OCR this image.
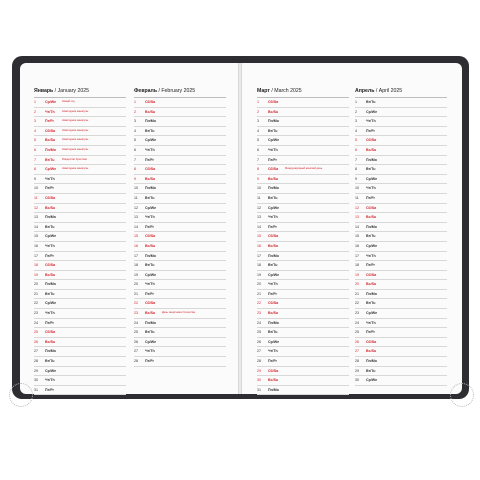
Январь / January 2025
1	Ср/We Новый год
2	Чт/Th	Новогодние каникулы
3	Пт/Fr	Новогодние каникулы
4	Сб/Sa	Новогодние каникулы
5	Вс/Su	Новогодние каникулы
6	Пн/Mo Новогодние каникулы
7	Вт/Tu	Рождество Христово
8	Ср/We Новогодние каникулы
9	Чт/Th
10	Пт/Fr
11	Сб/Sa
12	Вс/Su
13	Пн/Mo
14	Вт/Tu
15	Ср/We
16	Чт/Th
17	Пт/Fr
18	Сб/Sa
19	Вс/Su
20	Пн/Mo
21	Вт/Tu
22	Ср/We
23	Чт/Th
24	Пт/Fr
25	Сб/Sa
26	Вс/Su
27	Пн/Mo
28	Вт/Tu
29	Ср/We
30	Чт/Th
31	Пт/Fr
Февраль / February 2025
1	Сб/Sa
2	Вс/Su
3	Пн/Mo
4	Вт/Tu
5	Ср/We
6	Чт/Th
7	Пт/Fr
8	Сб/Sa
9	Вс/Su
10	Пн/Mo
11	Вт/Tu
12	Ср/We
13	Чт/Th
14	Пт/Fr
15	Сб/Sa
16	Вс/Su
17	Пн/Mo
18	Вт/Tu
19	Ср/We
20	Чт/Th
21	Пт/Fr
22	Сб/Sa
23	Вс/Su	День защитника Отечества
24	Пн/Mo
25	Вт/Tu
26	Ср/We
27	Чт/Th
28	Пт/Fr
Март / March 2025
1	Сб/Sa
2	Вс/Su
3	Пн/Mo
4	Вт/Tu
5	Ср/We
6	Чт/Th
7	Пт/Fr
8	Сб/Sa	Международный женский день
9	Вс/Su
10	Пн/Mo
11	Вт/Tu
12	Ср/We
13	Чт/Th
14	Пт/Fr
15	Сб/Sa
16	Вс/Su
17	Пн/Mo
18	Вт/Tu
19	Ср/We
20	Чт/Th
21	Пт/Fr
22	Сб/Sa
23	Вс/Su
24	Пн/Mo
25	Вт/Tu
26	Ср/We
27	Чт/Th
28	Пт/Fr
29	Сб/Sa
30	Вс/Su
31	Пн/Mo
Апрель / April 2025
1	Вт/Tu
2	Ср/We
3	Чт/Th
4	Пт/Fr
5	Сб/Sa
6	Вс/Su
7	Пн/Mo
8	Вт/Tu
9	Ср/We
10	Чт/Th
11	Пт/Fr
12	Сб/Sa
13	Вс/Su
14	Пн/Mo
15	Вт/Tu
16	Ср/We
17	Чт/Th
18	Пт/Fr
19	Сб/Sa
20	Вс/Su
21	Пн/Mo
22	Вт/Tu
23	Ср/We
24	Чт/Th
25	Пт/Fr
26	Сб/Sa
27	Вс/Su
28	Пн/Mo
29	Вт/Tu
30	Ср/We
